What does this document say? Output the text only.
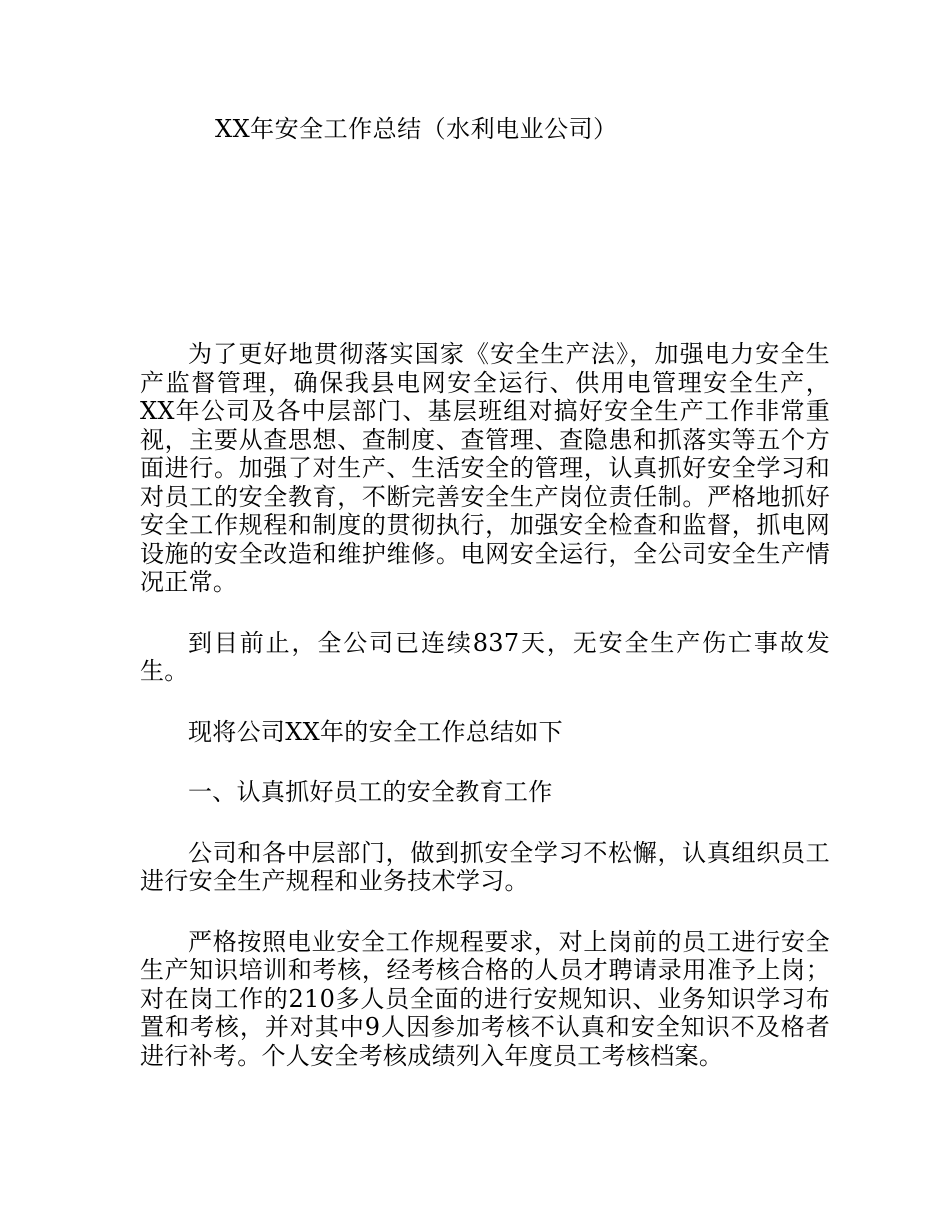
XX年安全工作总结（水利电业公司）

为了更好地贯彻落实国家《安全生产法》，加强电力安全生产监督管理，确保我县电网安全运行、供用电管理安全生产，XX年公司及各中层部门、基层班组对搞好安全生产工作非常重视，主要从查思想、查制度、查管理、查隐患和抓落实等五个方面进行。加强了对生产、生活安全的管理，认真抓好安全学习和对员工的安全教育，不断完善安全生产岗位责任制。严格地抓好安全工作规程和制度的贯彻执行，加强安全检查和监督，抓电网设施的安全改造和维护维修。电网安全运行，全公司安全生产情况正常。

到目前止，全公司已连续837天，无安全生产伤亡事故发生。

现将公司XX年的安全工作总结如下

一、认真抓好员工的安全教育工作

公司和各中层部门，做到抓安全学习不松懈，认真组织员工进行安全生产规程和业务技术学习。

严格按照电业安全工作规程要求，对上岗前的员工进行安全生产知识培训和考核，经考核合格的人员才聘请录用准予上岗；对在岗工作的210多人员全面的进行安规知识、业务知识学习布置和考核，并对其中9人因参加考核不认真和安全知识不及格者进行补考。个人安全考核成绩列入年度员工考核档案。
